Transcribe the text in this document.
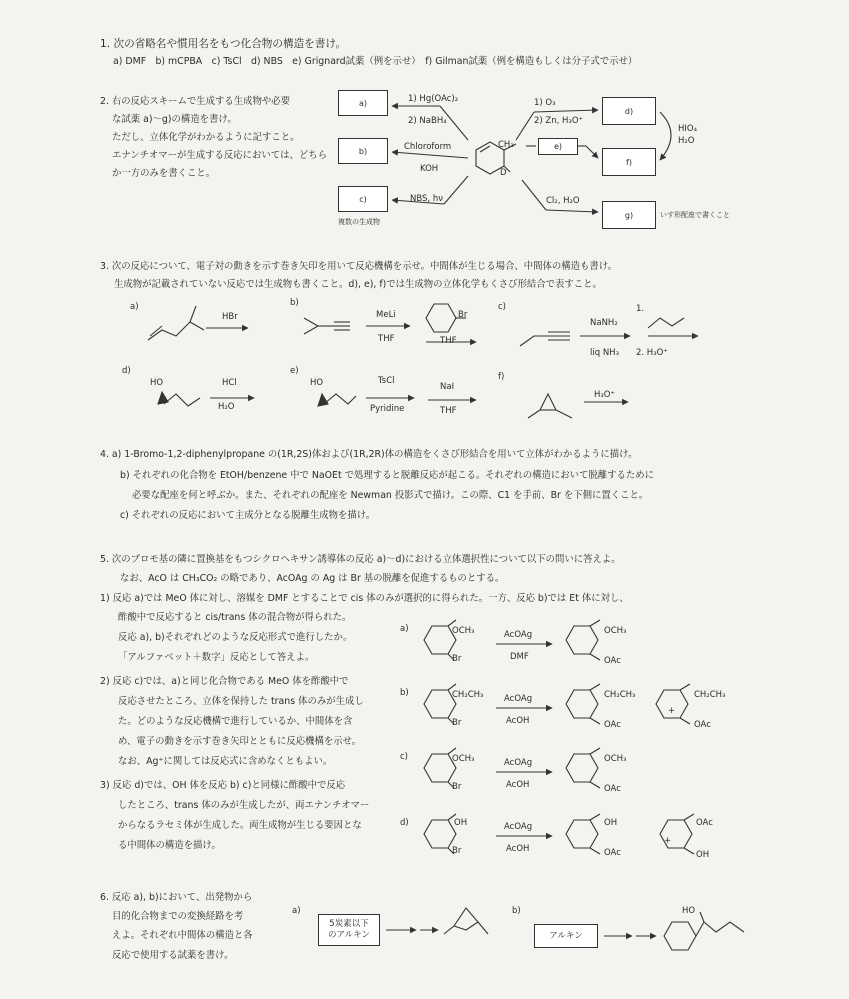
1. 次の省略名や慣用名をもつ化合物の構造を書け。
a) DMF　b) mCPBA　c) TsCl　d) NBS　e) Grignard試薬（例を示せ）　f) Gilman試薬（例を構造もしくは分子式で示せ）
2. 右の反応スキームで生成する生成物や必要
な試薬 a)〜g)の構造を書け。
ただし、立体化学がわかるように記すこと。
エナンチオマーが生成する反応においては、どちら
か一方のみを書くこと。
a)
b)
c)
d)
e)
f)
g)
1) Hg(OAc)₂
2) NaBH₄
Chloroform
KOH
NBS, hν
1) O₃
2) Zn, H₃O⁺
Cl₂, H₂O
HIO₄
H₂O
CH₃
D
複数の生成物
いす形配座で書くこと
3. 次の反応について、電子対の動きを示す巻き矢印を用いて反応機構を示せ。中間体が生じる場合、中間体の構造も書け。
生成物が記載されていない反応では生成物も書くこと。d), e), f)では生成物の立体化学もくさび形結合で表すこと。
a)
HBr
b)
MeLi
THF
Br
THF
c)
NaNH₂
liq NH₃
1.
2. H₃O⁺
d)
HO	HCl
H₂O
e)
HO	TsCl
Pyridine
NaI
THF
f)
H₃O⁺
4. a) 1-Bromo-1,2-diphenylpropane の(1R,2S)体および(1R,2R)体の構造をくさび形結合を用いて立体がわかるように描け。
b) それぞれの化合物を EtOH/benzene 中で NaOEt で処理すると脱離反応が起こる。それぞれの構造において脱離するために
必要な配座を何と呼ぶか。また、それぞれの配座を Newman 投影式で描け。この際、C1 を手前、Br を下側に置くこと。
c) それぞれの反応において主成分となる脱離生成物を描け。
5. 次のブロモ基の隣に置換基をもつシクロヘキサン誘導体の反応 a)〜d)における立体選択性について以下の問いに答えよ。
なお、AcO は CH₃CO₂ の略であり、AcOAg の Ag は Br 基の脱離を促進するものとする。
1) 反応 a)では MeO 体に対し、溶媒を DMF とすることで cis 体のみが選択的に得られた。一方、反応 b)では Et 体に対し、
酢酸中で反応すると cis/trans 体の混合物が得られた。
反応 a), b)それぞれどのような反応形式で進行したか。
「アルファベット＋数字」反応として答えよ。
2) 反応 c)では、a)と同じ化合物である MeO 体を酢酸中で
反応させたところ、立体を保持した trans 体のみが生成し
た。どのような反応機構で進行しているか、中間体を含
め、電子の動きを示す巻き矢印とともに反応機構を示せ。
なお、Ag⁺に関しては反応式に含めなくともよい。
3) 反応 d)では、OH 体を反応 b) c)と同様に酢酸中で反応
したところ、trans 体のみが生成したが、両エナンチオマー
からなるラセミ体が生成した。両生成物が生じる要因とな
る中間体の構造を描け。
a)
b)
c)
d)
OCH₃
Br
AcOAg
DMF
OCH₃
OAc
CH₂CH₃
Br
AcOAg
AcOH
CH₂CH₃
OAc
+
CH₂CH₃
OAc
OCH₃
Br
AcOAg
AcOH
OCH₃
OAc
OH
Br
AcOAg
AcOH
OH
OAc
+
OAc
OH
6. 反応 a), b)において、出発物から
目的化合物までの変換経路を考
えよ。それぞれ中間体の構造と各
反応で使用する試薬を書け。
a)
5炭素以下
のアルキン
b)
アルキン
HO
